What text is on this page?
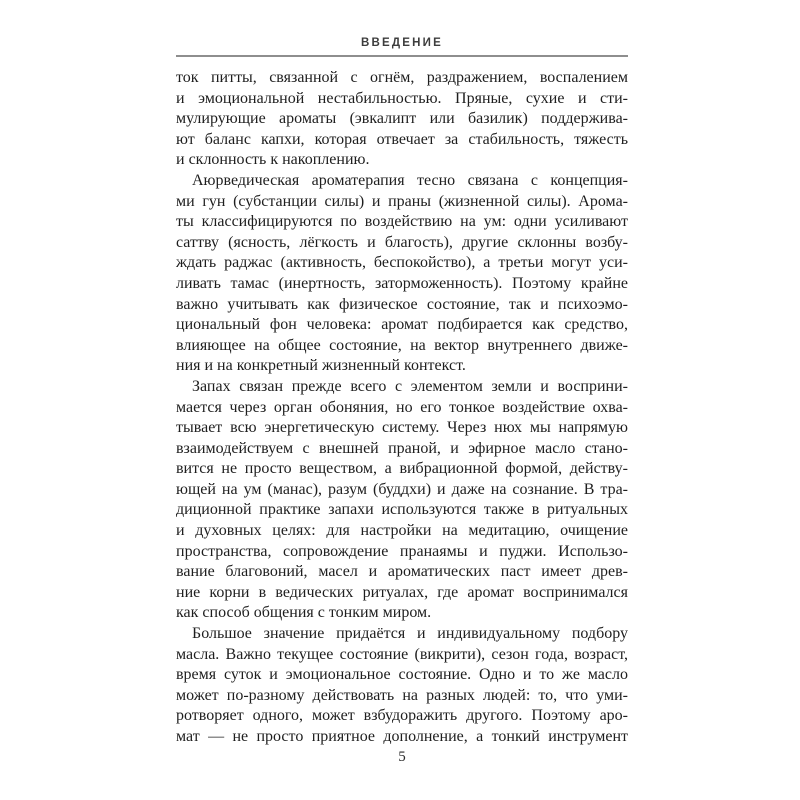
ВВЕДЕНИЕ
ток питты, связанной с огнём, раздражением, воспалением
и эмоциональной нестабильностью. Пряные, сухие и сти-
мулирующие ароматы (эвкалипт или базилик) поддержива-
ют баланс капхи, которая отвечает за стабильность, тяжесть
и склонность к накоплению.
Аюрведическая ароматерапия тесно связана с концепция-
ми гун (субстанции силы) и праны (жизненной силы). Арома-
ты классифицируются по воздействию на ум: одни усиливают
саттву (ясность, лёгкость и благость), другие склонны возбу-
ждать раджас (активность, беспокойство), а третьи могут уси-
ливать тамас (инертность, заторможенность). Поэтому крайне
важно учитывать как физическое состояние, так и психоэмо-
циональный фон человека: аромат подбирается как средство,
влияющее на общее состояние, на вектор внутреннего движе-
ния и на конкретный жизненный контекст.
Запах связан прежде всего с элементом земли и восприни-
мается через орган обоняния, но его тонкое воздействие охва-
тывает всю энергетическую систему. Через нюх мы напрямую
взаимодействуем с внешней праной, и эфирное масло стано-
вится не просто веществом, а вибрационной формой, действу-
ющей на ум (манас), разум (буддхи) и даже на сознание. В тра-
диционной практике запахи используются также в ритуальных
и духовных целях: для настройки на медитацию, очищение
пространства, сопровождение пранаямы и пуджи. Использо-
вание благовоний, масел и ароматических паст имеет древ-
ние корни в ведических ритуалах, где аромат воспринимался
как способ общения с тонким миром.
Большое значение придаётся и индивидуальному подбору
масла. Важно текущее состояние (викрити), сезон года, возраст,
время суток и эмоциональное состояние. Одно и то же масло
может по-разному действовать на разных людей: то, что уми-
ротворяет одного, может взбудоражить другого. Поэтому аро-
мат — не просто приятное дополнение, а тонкий инструмент
5
